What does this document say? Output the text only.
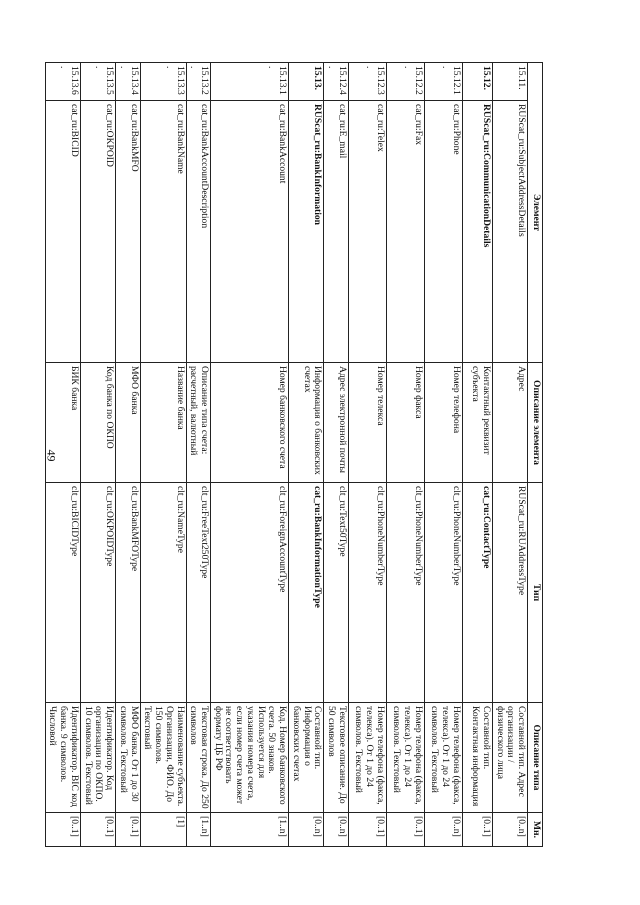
49
Элемент		Описание элемента	Тип	Описание типа	Мн.
15.11.	RUScat_ru:SubjectAddressDetails	Адрес	RUScat_ru:RUAddressType	Составной тип. Адрес организации / физического лица	[0..n]
15.12.	RUScat_ru:CommunicationDetails	Контактный реквизит субъекта	cat_ru:ContactType	Составной тип. Контактная информация	[0..1]
15.12.1.	cat_ru:Phone	Номер телефона	clt_ru:PhoneNumberType	Номер телефона (факса, телекса). От 1 до 24 символов. Текстовый	[0..n]
15.12.2.	cat_ru:Fax	Номер факса	clt_ru:PhoneNumberType	Номер телефона (факса, телекса). От 1 до 24 символов. Текстовый	[0..1]
15.12.3.	cat_ru:Telex	Номер телекса	clt_ru:PhoneNumberType	Номер телефона (факса, телекса). От 1 до 24 символов. Текстовый	[0..1]
15.12.4.	cat_ru:E_mail	Адрес электронной почты	clt_ru:Text50Type	Текстовое описание. До 50 символов	[0..n]
15.13.	RUScat_ru:BankInformation	Информация о банковских счетах	cat_ru:BankInformationType	Составной тип. Информация о банковских счетах	[0..n]
15.13.1.	cat_ru:BankAccount	Номер банковского счета	clt_ru:ForeignAccountType	Код. Номер банковского счета. 50 знаков. Используется для указания номера счета, если номер счета может не соответствовать формату ЦБ РФ	[1..n]
15.13.2.	cat_ru:BankAccountDescription	Описание типа счета: расчетный, валютный	clt_ru:FreeText250Type	Текстовая строка. До 250 символов	[1..n]
15.13.3.	cat_ru:BankName	Название банка	clt_ru:NameType	Наименование субъекта. Организации, ФИО. До 150 символов. Текстовый	[1]
15.13.4.	cat_ru:BankMFO	МФО банка	clt_ru:BankMFOType	МФО банка. От 1 до 30 символов. Текстовый	[0..1]
15.13.5.	cat_ru:OKPOID	Код банка по ОКПО	clt_ru:OKPOIDType	Идентификатор. Код организации по ОКПО. 10 символов. Текстовый	[0..1]
15.13.6.	cat_ru:BICID	БИК банка	clt_ru:BICIDType	Идентификатор. BIC код банка. 9 символов. Числовой	[0..1]
